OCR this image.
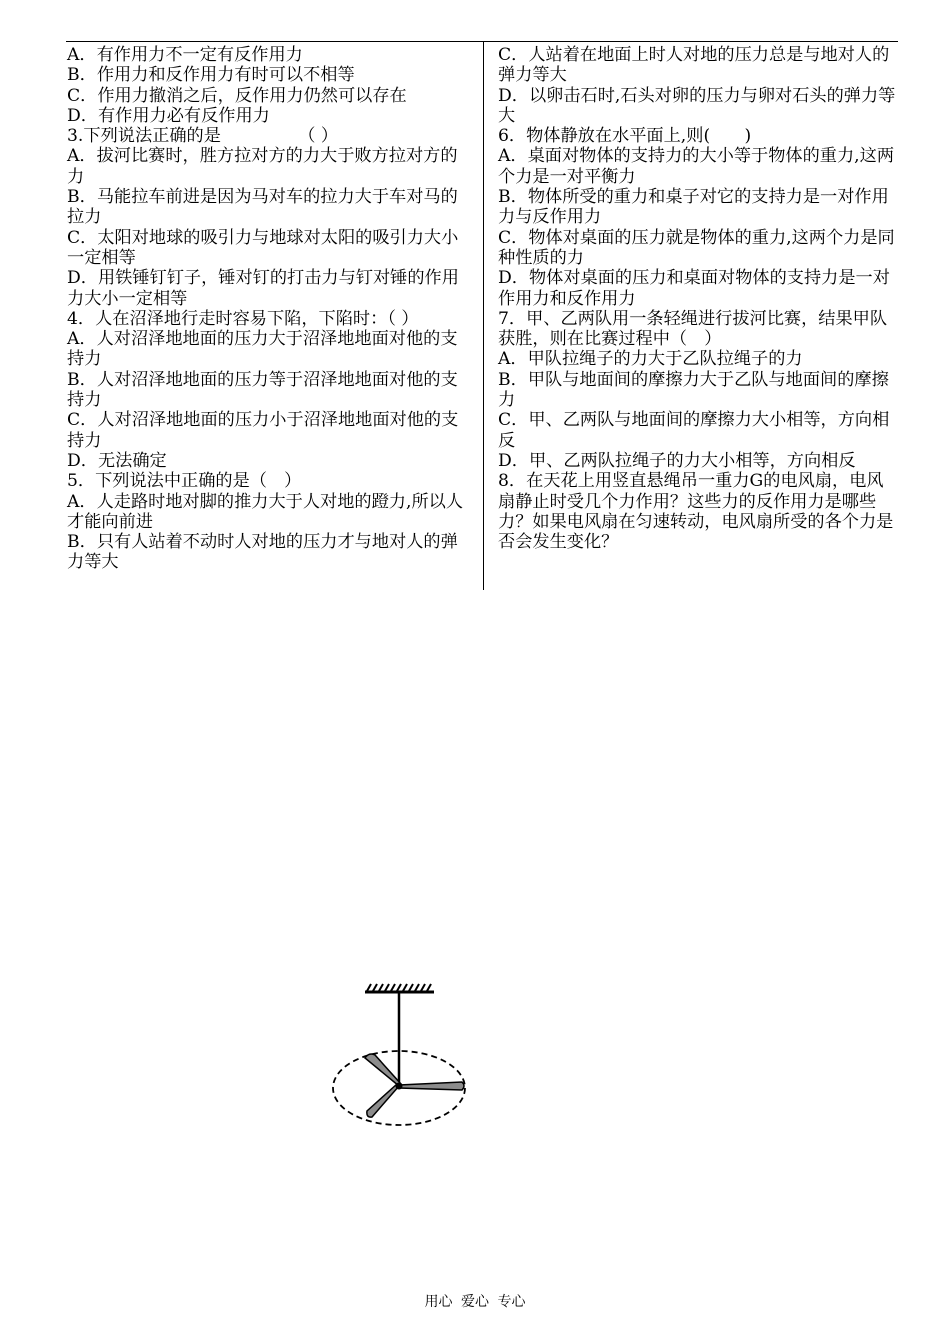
A．有作用力不一定有反作用力

B．作用力和反作用力有时可以不相等

C．作用力撤消之后，反作用力仍然可以存在

D．有作用力必有反作用力

3.下列说法正确的是　　　　　（ ）

A．拔河比赛时，胜方拉对方的力大于败方拉对方的力

B．马能拉车前进是因为马对车的拉力大于车对马的拉力

C．太阳对地球的吸引力与地球对太阳的吸引力大小一定相等

D．用铁锤钉钉子，锤对钉的打击力与钉对锤的作用力大小一定相等

4．人在沼泽地行走时容易下陷，下陷时：（ ）

A．人对沼泽地地面的压力大于沼泽地地面对他的支持力

B．人对沼泽地地面的压力等于沼泽地地面对他的支持力

C．人对沼泽地地面的压力小于沼泽地地面对他的支持力

D．无法确定

5．下列说法中正确的是（　）

A．人走路时地对脚的推力大于人对地的蹬力,所以人才能向前进

B．只有人站着不动时人对地的压力才与地对人的弹力等大

C．人站着在地面上时人对地的压力总是与地对人的弹力等大

D．以卵击石时,石头对卵的压力与卵对石头的弹力等大

6．物体静放在水平面上,则(　　)

A．桌面对物体的支持力的大小等于物体的重力,这两个力是一对平衡力

B．物体所受的重力和桌子对它的支持力是一对作用力与反作用力

C．物体对桌面的压力就是物体的重力,这两个力是同种性质的力

D．物体对桌面的压力和桌面对物体的支持力是一对作用力和反作用力

7．甲、乙两队用一条轻绳进行拔河比赛，结果甲队获胜，则在比赛过程中（　）

A．甲队拉绳子的力大于乙队拉绳子的力

B．甲队与地面间的摩擦力大于乙队与地面间的摩擦力

C．甲、乙两队与地面间的摩擦力大小相等，方向相反

D．甲、乙两队拉绳子的力大小相等，方向相反

8．在天花上用竖直悬绳吊一重力G的电风扇，电风扇静止时受几个力作用？这些力的反作用力是哪些力？如果电风扇在匀速转动，电风扇所受的各个力是否会发生变化？

用心 爱心 专心
